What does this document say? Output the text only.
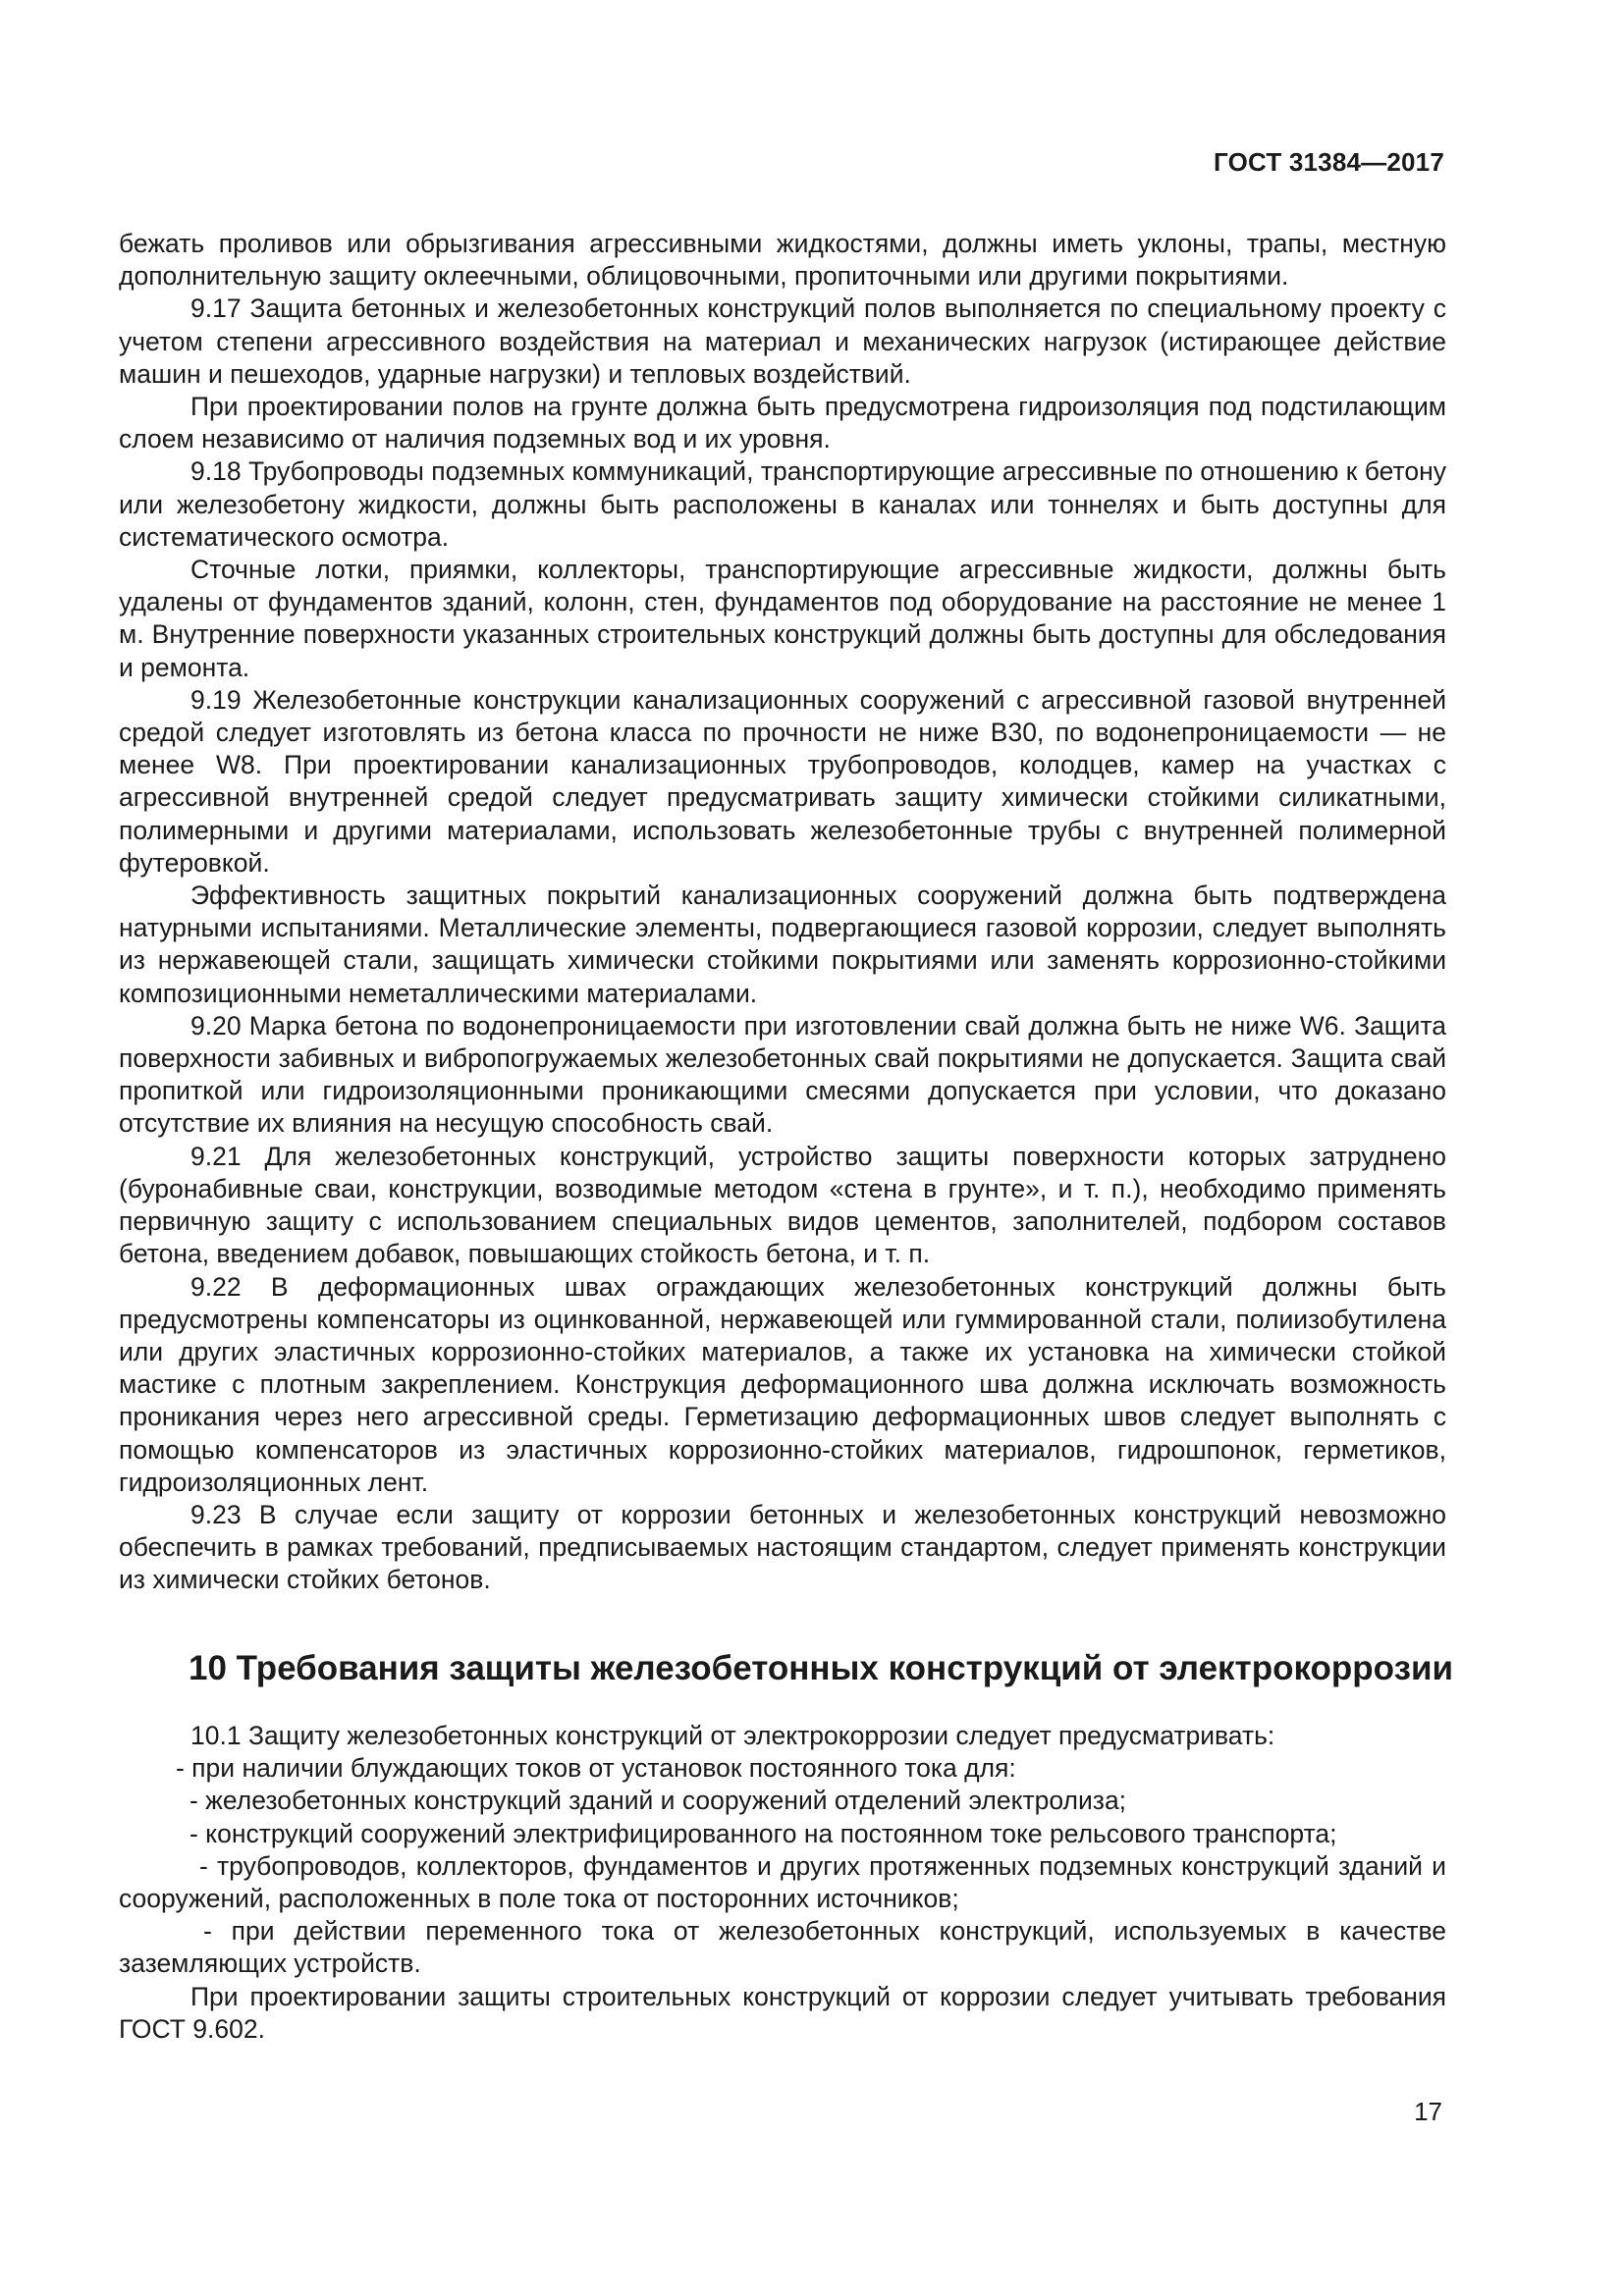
ГОСТ 31384—2017

бежать проливов или обрызгивания агрессивными жидкостями, должны иметь уклоны, трапы, местную дополнительную защиту оклеечными, облицовочными, пропиточными или другими покрытиями.

9.17 Защита бетонных и железобетонных конструкций полов выполняется по специальному проекту с учетом степени агрессивного воздействия на материал и механических нагрузок (истирающее действие машин и пешеходов, ударные нагрузки) и тепловых воздействий.

При проектировании полов на грунте должна быть предусмотрена гидроизоляция под подстилающим слоем независимо от наличия подземных вод и их уровня.

9.18 Трубопроводы подземных коммуникаций, транспортирующие агрессивные по отношению к бетону или железобетону жидкости, должны быть расположены в каналах или тоннелях и быть доступны для систематического осмотра.

Сточные лотки, приямки, коллекторы, транспортирующие агрессивные жидкости, должны быть удалены от фундаментов зданий, колонн, стен, фундаментов под оборудование на расстояние не менее 1 м. Внутренние поверхности указанных строительных конструкций должны быть доступны для обследования и ремонта.

9.19 Железобетонные конструкции канализационных сооружений с агрессивной газовой внутренней средой следует изготовлять из бетона класса по прочности не ниже В30, по водонепроницаемости — не менее W8. При проектировании канализационных трубопроводов, колодцев, камер на участках с агрессивной внутренней средой следует предусматривать защиту химически стойкими силикатными, полимерными и другими материалами, использовать железобетонные трубы с внутренней полимерной футеровкой.

Эффективность защитных покрытий канализационных сооружений должна быть подтверждена натурными испытаниями. Металлические элементы, подвергающиеся газовой коррозии, следует выполнять из нержавеющей стали, защищать химически стойкими покрытиями или заменять коррозионно-стойкими композиционными неметаллическими материалами.

9.20 Марка бетона по водонепроницаемости при изготовлении свай должна быть не ниже W6. Защита поверхности забивных и вибропогружаемых железобетонных свай покрытиями не допускается. Защита свай пропиткой или гидроизоляционными проникающими смесями допускается при условии, что доказано отсутствие их влияния на несущую способность свай.

9.21 Для железобетонных конструкций, устройство защиты поверхности которых затруднено (буронабивные сваи, конструкции, возводимые методом «стена в грунте», и т. п.), необходимо применять первичную защиту с использованием специальных видов цементов, заполнителей, подбором составов бетона, введением добавок, повышающих стойкость бетона, и т. п.

9.22 В деформационных швах ограждающих железобетонных конструкций должны быть предусмотрены компенсаторы из оцинкованной, нержавеющей или гуммированной стали, полиизобутилена или других эластичных коррозионно-стойких материалов, а также их установка на химически стойкой мастике с плотным закреплением. Конструкция деформационного шва должна исключать возможность проникания через него агрессивной среды. Герметизацию деформационных швов следует выполнять с помощью компенсаторов из эластичных коррозионно-стойких материалов, гидрошпонок, герметиков, гидроизоляционных лент.

9.23 В случае если защиту от коррозии бетонных и железобетонных конструкций невозможно обеспечить в рамках требований, предписываемых настоящим стандартом, следует применять конструкции из химически стойких бетонов.

10 Требования защиты железобетонных конструкций от электрокоррозии

10.1 Защиту железобетонных конструкций от электрокоррозии следует предусматривать:

- при наличии блуждающих токов от установок постоянного тока для:

- железобетонных конструкций зданий и сооружений отделений электролиза;

- конструкций сооружений электрифицированного на постоянном токе рельсового транспорта;

- трубопроводов, коллекторов, фундаментов и других протяженных подземных конструкций зданий и сооружений, расположенных в поле тока от посторонних источников;

- при действии переменного тока от железобетонных конструкций, используемых в качестве заземляющих устройств.

При проектировании защиты строительных конструкций от коррозии следует учитывать требования ГОСТ 9.602.

17
